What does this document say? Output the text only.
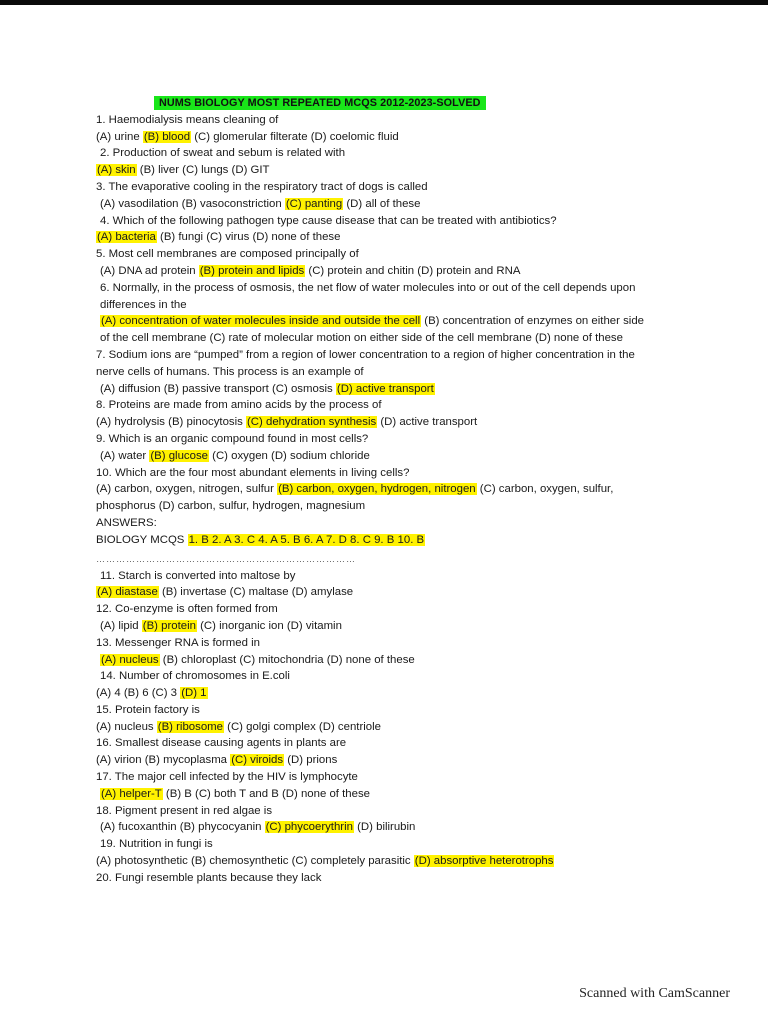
NUMS BIOLOGY MOST REPEATED MCQS 2012-2023-SOLVED
1. Haemodialysis means cleaning of
(A) urine (B) blood (C) glomerular filterate (D) coelomic fluid
2. Production of sweat and sebum is related with
(A) skin (B) liver (C) lungs (D) GIT
3. The evaporative cooling in the respiratory tract of dogs is called
(A) vasodilation (B) vasoconstriction (C) panting (D) all of these
4. Which of the following pathogen type cause disease that can be treated with antibiotics?
(A) bacteria (B) fungi (C) virus (D) none of these
5. Most cell membranes are composed principally of
(A) DNA ad protein (B) protein and lipids (C) protein and chitin (D) protein and RNA
6. Normally, in the process of osmosis, the net flow of water molecules into or out of the cell depends upon differences in the
(A) concentration of water molecules inside and outside the cell (B) concentration of enzymes on either side of the cell membrane (C) rate of molecular motion on either side of the cell membrane (D) none of these
7. Sodium ions are “pumped” from a region of lower concentration to a region of higher concentration in the nerve cells of humans. This process is an example of
(A) diffusion (B) passive transport (C) osmosis (D) active transport
8. Proteins are made from amino acids by the process of
(A) hydrolysis (B) pinocytosis (C) dehydration synthesis (D) active transport
9. Which is an organic compound found in most cells?
(A) water (B) glucose (C) oxygen (D) sodium chloride
10. Which are the four most abundant elements in living cells?
(A) carbon, oxygen, nitrogen, sulfur (B) carbon, oxygen, hydrogen, nitrogen (C) carbon, oxygen, sulfur, phosphorus (D) carbon, sulfur, hydrogen, magnesium
ANSWERS:
BIOLOGY MCQS 1. B 2. A 3. C 4. A 5. B 6. A 7. D 8. C 9. B 10. B
……………………………………………………………………
11. Starch is converted into maltose by
(A) diastase (B) invertase (C) maltase (D) amylase
12. Co-enzyme is often formed from
(A) lipid (B) protein (C) inorganic ion (D) vitamin
13. Messenger RNA is formed in
(A) nucleus (B) chloroplast (C) mitochondria (D) none of these
14. Number of chromosomes in E.coli
(A) 4 (B) 6 (C) 3 (D) 1
15. Protein factory is
(A) nucleus (B) ribosome (C) golgi complex (D) centriole
16. Smallest disease causing agents in plants are
(A) virion (B) mycoplasma (C) viroids (D) prions
17. The major cell infected by the HIV is lymphocyte
(A) helper-T (B) B (C) both T and B (D) none of these
18. Pigment present in red algae is
(A) fucoxanthin (B) phycocyanin (C) phycoerythrin (D) bilirubin
19. Nutrition in fungi is
(A) photosynthetic (B) chemosynthetic (C) completely parasitic (D) absorptive heterotrophs
20. Fungi resemble plants because they lack
Scanned with CamScanner
